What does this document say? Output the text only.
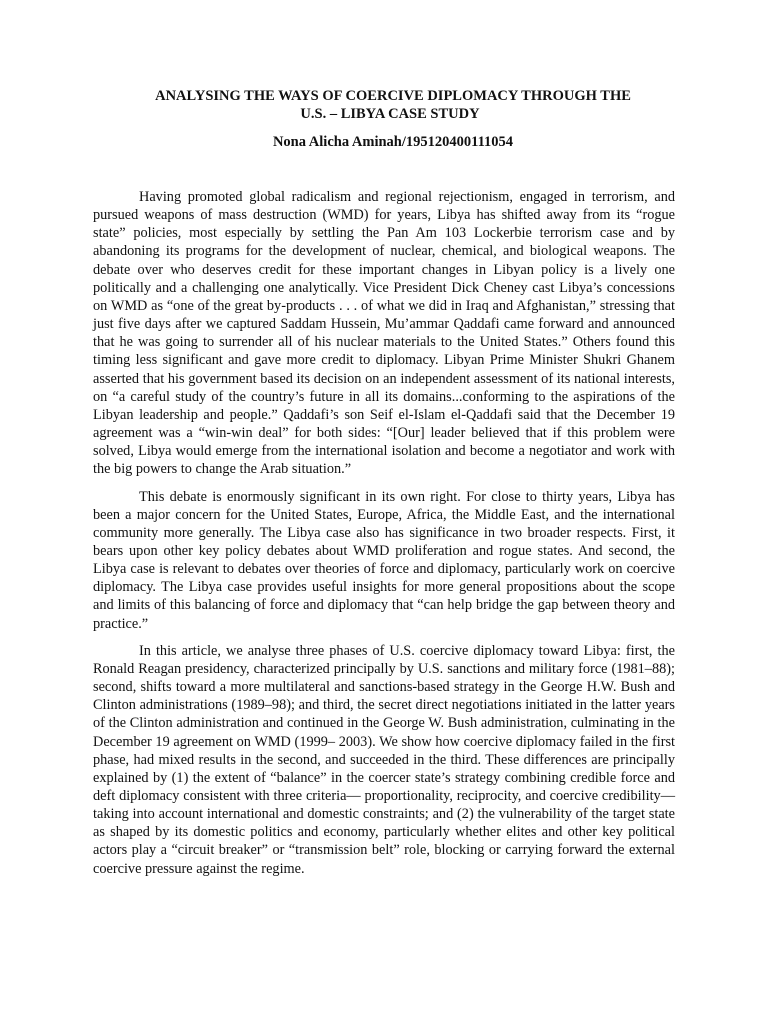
ANALYSING THE WAYS OF COERCIVE DIPLOMACY THROUGH THE
U.S. – LIBYA CASE STUDY

Nona Alicha Aminah/195120400111054

Having promoted global radicalism and regional rejectionism, engaged in terrorism, and pursued weapons of mass destruction (WMD) for years, Libya has shifted away from its “rogue state” policies, most especially by settling the Pan Am 103 Lockerbie terrorism case and by abandoning its programs for the development of nuclear, chemical, and biological weapons. The debate over who deserves credit for these important changes in Libyan policy is a lively one politically and a challenging one analytically. Vice President Dick Cheney cast Libya’s concessions on WMD as “one of the great by-products . . . of what we did in Iraq and Afghanistan,” stressing that just five days after we captured Saddam Hussein, Mu’ammar Qaddafi came forward and announced that he was going to surrender all of his nuclear materials to the United States.” Others found this timing less significant and gave more credit to diplomacy. Libyan Prime Minister Shukri Ghanem asserted that his government based its decision on an independent assessment of its national interests, on “a careful study of the country’s future in all its domains...conforming to the aspirations of the Libyan leadership and people.” Qaddafi’s son Seif el-Islam el-Qaddafi said that the December 19 agreement was a “win-win deal” for both sides: “[Our] leader believed that if this problem were solved, Libya would emerge from the international isolation and become a negotiator and work with the big powers to change the Arab situation.”

This debate is enormously significant in its own right. For close to thirty years, Libya has been a major concern for the United States, Europe, Africa, the Middle East, and the international community more generally. The Libya case also has significance in two broader respects. First, it bears upon other key policy debates about WMD proliferation and rogue states. And second, the Libya case is relevant to debates over theories of force and diplomacy, particularly work on coercive diplomacy. The Libya case provides useful insights for more general propositions about the scope and limits of this balancing of force and diplomacy that “can help bridge the gap between theory and practice.”

In this article, we analyse three phases of U.S. coercive diplomacy toward Libya: first, the Ronald Reagan presidency, characterized principally by U.S. sanctions and military force (1981–88); second, shifts toward a more multilateral and sanctions-based strategy in the George H.W. Bush and Clinton administrations (1989–98); and third, the secret direct negotiations initiated in the latter years of the Clinton administration and continued in the George W. Bush administration, culminating in the December 19 agreement on WMD (1999– 2003). We show how coercive diplomacy failed in the first phase, had mixed results in the second, and succeeded in the third. These differences are principally explained by (1) the extent of “balance” in the coercer state’s strategy combining credible force and deft diplomacy consistent with three criteria— proportionality, reciprocity, and coercive credibility—taking into account international and domestic constraints; and (2) the vulnerability of the target state as shaped by its domestic politics and economy, particularly whether elites and other key political actors play a “circuit breaker” or “transmission belt” role, blocking or carrying forward the external coercive pressure against the regime.
